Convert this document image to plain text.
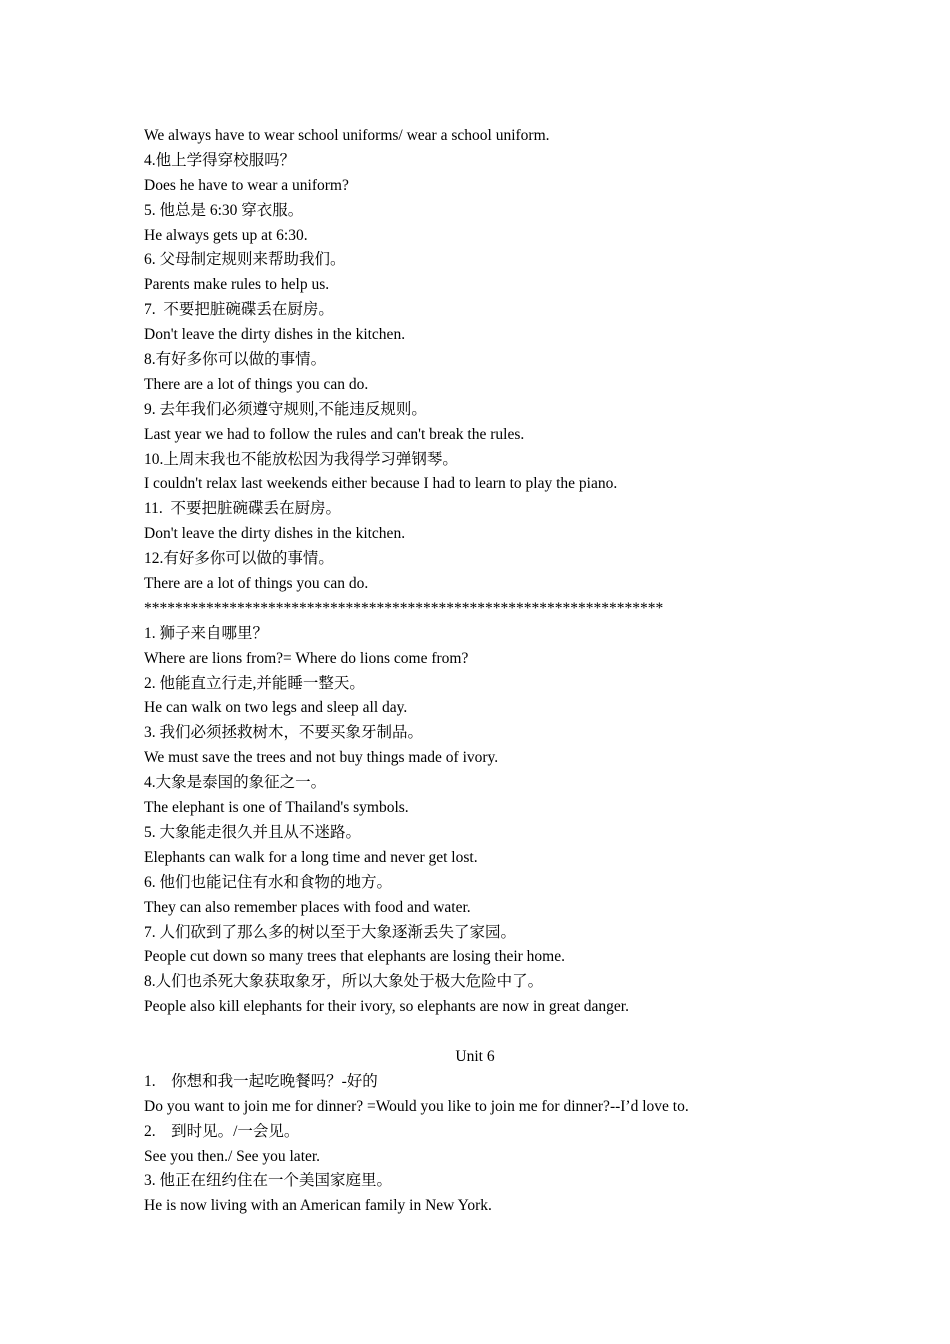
We always have to wear school uniforms/ wear a school uniform.
4.他上学得穿校服吗？
Does he have to wear a uniform?
5. 他总是 6:30 穿衣服。
He always gets up at 6:30.
6. 父母制定规则来帮助我们。
Parents make rules to help us.
7.  不要把脏碗碟丢在厨房。
Don't leave the dirty dishes in the kitchen.
8.有好多你可以做的事情。
There are a lot of things you can do.
9. 去年我们必须遵守规则,不能违反规则。
Last year we had to follow the rules and can't break the rules.
10.上周末我也不能放松因为我得学习弹钢琴。
I couldn't relax last weekends either because I had to learn to play the piano.
11.  不要把脏碗碟丢在厨房。
Don't leave the dirty dishes in the kitchen.
12.有好多你可以做的事情。
There are a lot of things you can do.
*******************************************************************
1. 狮子来自哪里？
Where are lions from?= Where do lions come from?
2. 他能直立行走,并能睡一整天。
He can walk on two legs and sleep all day.
3. 我们必须拯救树木，不要买象牙制品。
We must save the trees and not buy things made of ivory.
4.大象是泰国的象征之一。
The elephant is one of Thailand's symbols.
5. 大象能走很久并且从不迷路。
Elephants can walk for a long time and never get lost.
6. 他们也能记住有水和食物的地方。
They can also remember places with food and water.
7. 人们砍到了那么多的树以至于大象逐渐丢失了家园。
People cut down so many trees that elephants are losing their home.
8.人们也杀死大象获取象牙，所以大象处于极大危险中了。
People also kill elephants for their ivory, so elephants are now in great danger.
Unit 6
1.    你想和我一起吃晚餐吗？-好的
Do you want to join me for dinner? =Would you like to join me for dinner?--I’d love to.
2.    到时见。/一会见。
See you then./ See you later.
3. 他正在纽约住在一个美国家庭里。
He is now living with an American family in New York.
